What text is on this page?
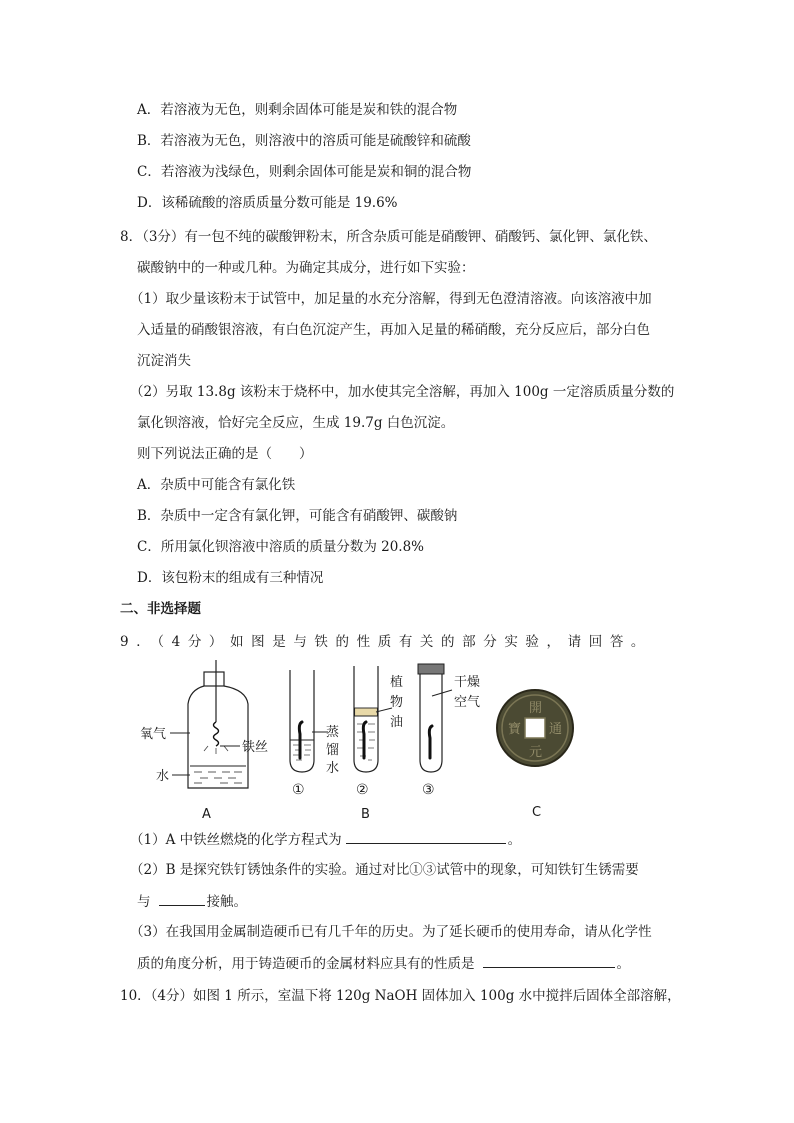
A．若溶液为无色，则剩余固体可能是炭和铁的混合物
B．若溶液为无色，则溶液中的溶质可能是硫酸锌和硫酸
C．若溶液为浅绿色，则剩余固体可能是炭和铜的混合物
D．该稀硫酸的溶质质量分数可能是 19.6%
8．（3分）有一包不纯的碳酸钾粉末，所含杂质可能是硝酸钾、硝酸钙、氯化钾、氯化铁、
碳酸钠中的一种或几种。为确定其成分，进行如下实验：
（1）取少量该粉末于试管中，加足量的水充分溶解，得到无色澄清溶液。向该溶液中加
入适量的硝酸银溶液，有白色沉淀产生，再加入足量的稀硝酸，充分反应后，部分白色
沉淀消失
（2）另取 13.8g 该粉末于烧杯中，加水使其完全溶解，再加入 100g 一定溶质质量分数的
氯化钡溶液，恰好完全反应，生成 19.7g 白色沉淀。
则下列说法正确的是（　　）
A．杂质中可能含有氯化铁
B．杂质中一定含有氯化钾，可能含有硝酸钾、碳酸钠
C．所用氯化钡溶液中溶质的质量分数为 20.8%
D．该包粉末的组成有三种情况
二、非选择题
9．（4分）如图是与铁的性质有关的部分实验，请回答。
氧气
铁丝
水
A
①
蒸
馏
水
②
B
植
物
油
③
干燥
空气	開
通
元
寶
C
（1）A 中铁丝燃烧的化学方程式为	。
（2）B 是探究铁钉锈蚀条件的实验。通过对比①③试管中的现象，可知铁钉生锈需要
与	接触。
（3）在我国用金属制造硬币已有几千年的历史。为了延长硬币的使用寿命，请从化学性
质的角度分析，用于铸造硬币的金属材料应具有的性质是	。
10．（4分）如图 1 所示，室温下将 120g NaOH 固体加入 100g 水中搅拌后固体全部溶解，
